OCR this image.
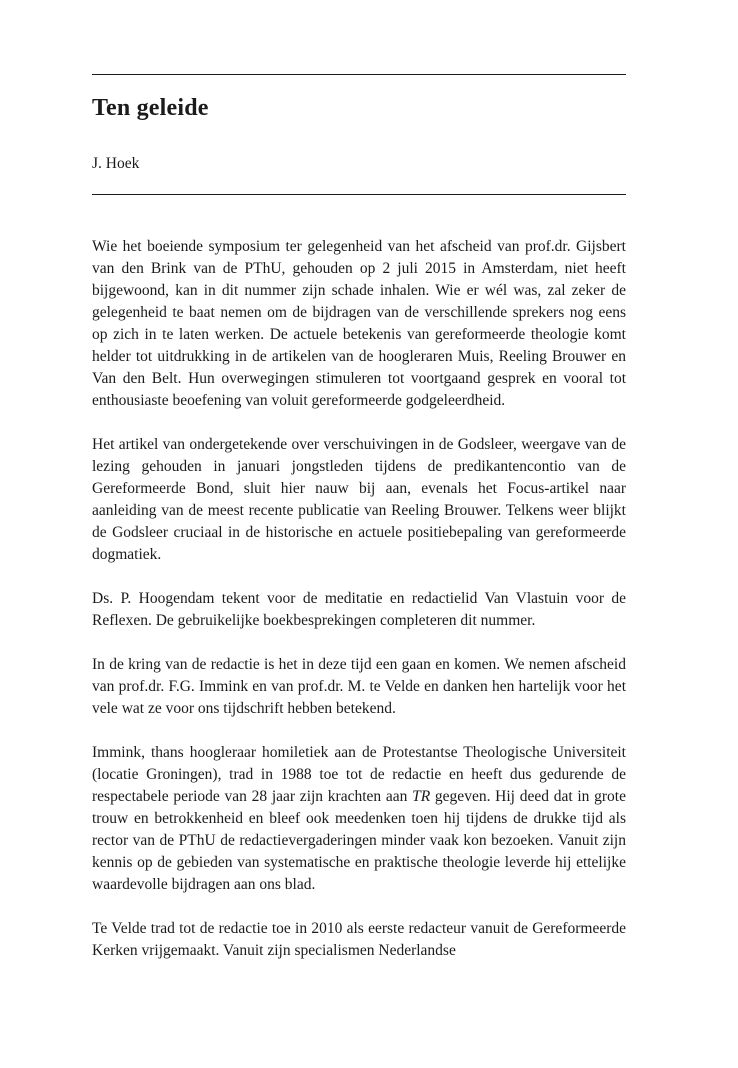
Ten geleide
J. Hoek

Wie het boeiende symposium ter gelegenheid van het afscheid van prof.dr. Gijsbert van den Brink van de PThU, gehouden op 2 juli 2015 in Amsterdam, niet heeft bijgewoond, kan in dit nummer zijn schade inhalen. Wie er wél was, zal zeker de gelegenheid te baat nemen om de bijdragen van de verschillende sprekers nog eens op zich in te laten werken. De actuele betekenis van gereformeerde theologie komt helder tot uitdrukking in de artikelen van de hoogleraren Muis, Reeling Brouwer en Van den Belt. Hun overwegingen stimuleren tot voortgaand gesprek en vooral tot enthousiaste beoefening van voluit gereformeerde godgeleerdheid.

Het artikel van ondergetekende over verschuivingen in de Godsleer, weergave van de lezing gehouden in januari jongstleden tijdens de predikantencontio van de Gereformeerde Bond, sluit hier nauw bij aan, evenals het Focus-artikel naar aanleiding van de meest recente publicatie van Reeling Brouwer. Telkens weer blijkt de Godsleer cruciaal in de historische en actuele positiebepaling van gereformeerde dogmatiek.

Ds. P. Hoogendam tekent voor de meditatie en redactielid Van Vlastuin voor de Reflexen. De gebruikelijke boekbesprekingen completeren dit nummer.

In de kring van de redactie is het in deze tijd een gaan en komen. We nemen afscheid van prof.dr. F.G. Immink en van prof.dr. M. te Velde en danken hen hartelijk voor het vele wat ze voor ons tijdschrift hebben betekend.

Immink, thans hoogleraar homiletiek aan de Protestantse Theologische Universiteit (locatie Groningen), trad in 1988 toe tot de redactie en heeft dus gedurende de respectabele periode van 28 jaar zijn krachten aan TR gegeven. Hij deed dat in grote trouw en betrokkenheid en bleef ook meedenken toen hij tijdens de drukke tijd als rector van de PThU de redactievergaderingen minder vaak kon bezoeken. Vanuit zijn kennis op de gebieden van systematische en praktische theologie leverde hij ettelijke waardevolle bijdragen aan ons blad.

Te Velde trad tot de redactie toe in 2010 als eerste redacteur vanuit de Gereformeerde Kerken vrijgemaakt. Vanuit zijn specialismen Nederlandse
